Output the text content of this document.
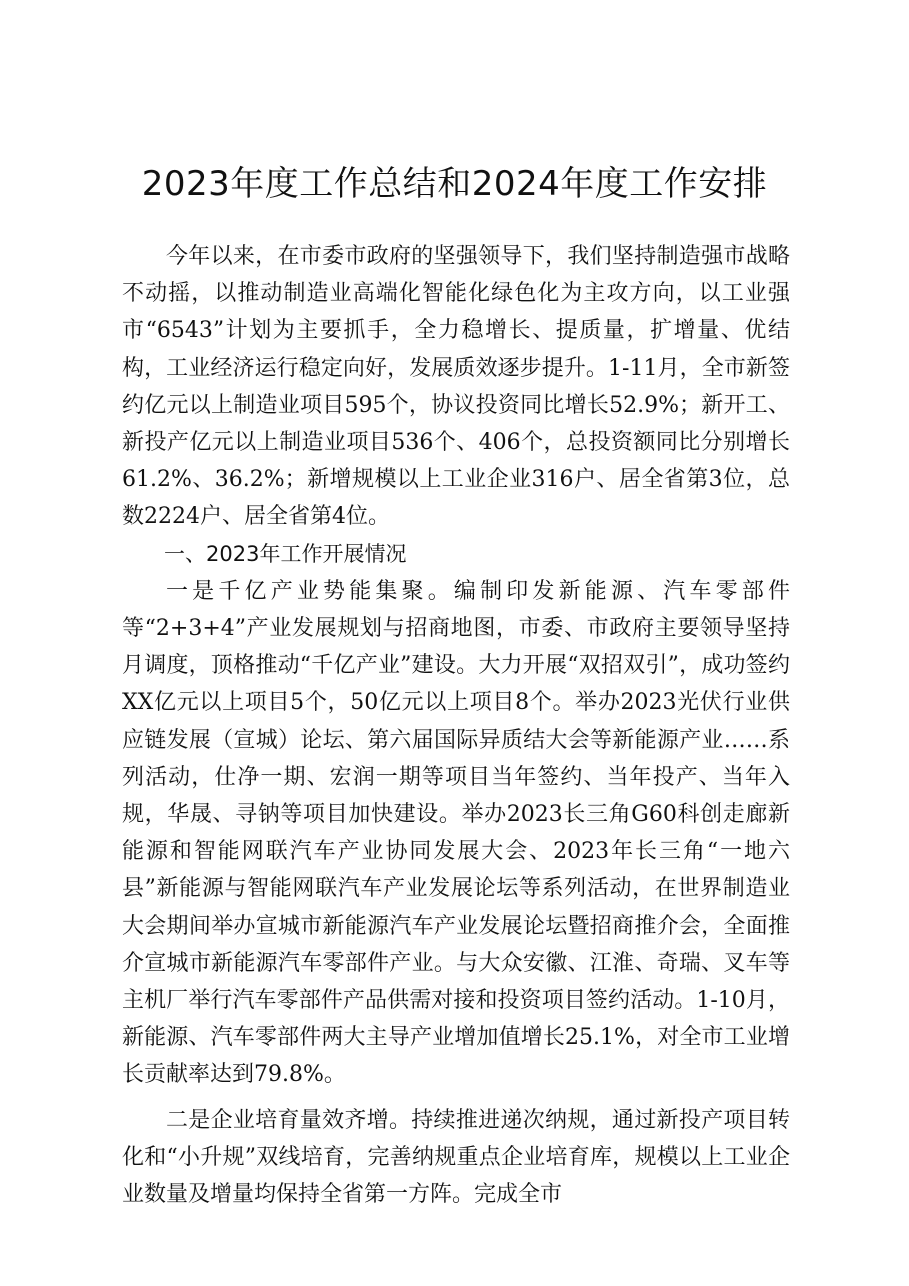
2023年度工作总结和2024年度工作安排

今年以来，在市委市政府的坚强领导下，我们坚持制造强市战略不动摇，以推动制造业高端化智能化绿色化为主攻方向，以工业强市“6543”计划为主要抓手，全力稳增长、提质量，扩增量、优结构，工业经济运行稳定向好，发展质效逐步提升。1-11月，全市新签约亿元以上制造业项目595个，协议投资同比增长52.9%；新开工、新投产亿元以上制造业项目536个、406个，总投资额同比分别增长61.2%、36.2%；新增规模以上工业企业316户、居全省第3位，总数2224户、居全省第4位。

一、2023年工作开展情况

一是千亿产业势能集聚。编制印发新能源、汽车零部件等“2+3+4”产业发展规划与招商地图，市委、市政府主要领导坚持月调度，顶格推动“千亿产业”建设。大力开展“双招双引”，成功签约XX亿元以上项目5个，50亿元以上项目8个。举办2023光伏行业供应链发展（宣城）论坛、第六届国际异质结大会等新能源产业……系列活动，仕净一期、宏润一期等项目当年签约、当年投产、当年入规，华晟、寻钠等项目加快建设。举办2023长三角G60科创走廊新能源和智能网联汽车产业协同发展大会、2023年长三角“一地六县”新能源与智能网联汽车产业发展论坛等系列活动，在世界制造业大会期间举办宣城市新能源汽车产业发展论坛暨招商推介会，全面推介宣城市新能源汽车零部件产业。与大众安徽、江淮、奇瑞、叉车等主机厂举行汽车零部件产品供需对接和投资项目签约活动。1-10月，新能源、汽车零部件两大主导产业增加值增长25.1%，对全市工业增长贡献率达到79.8%。

二是企业培育量效齐增。持续推进递次纳规，通过新投产项目转化和“小升规”双线培育，完善纳规重点企业培育库，规模以上工业企业数量及增量均保持全省第一方阵。完成全市
